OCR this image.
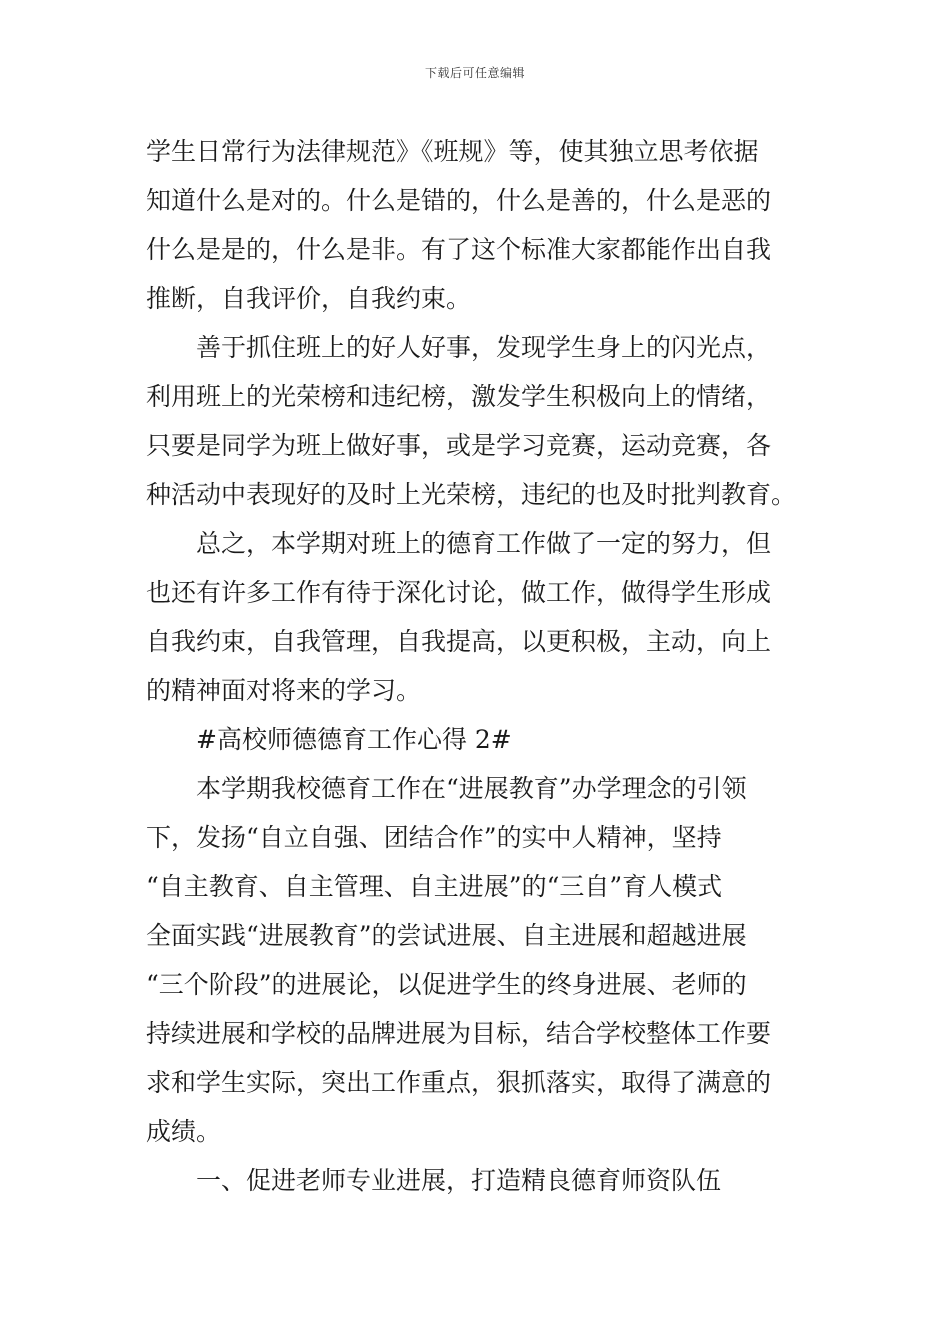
下载后可任意编辑
学生日常行为法律规范》《班规》等，使其独立思考依据
知道什么是对的。什么是错的，什么是善的，什么是恶的
什么是是的，什么是非。有了这个标准大家都能作出自我
推断，自我评价，自我约束。
善于抓住班上的好人好事，发现学生身上的闪光点，
利用班上的光荣榜和违纪榜，激发学生积极向上的情绪，
只要是同学为班上做好事，或是学习竞赛，运动竞赛，各
种活动中表现好的及时上光荣榜，违纪的也及时批判教育。
总之，本学期对班上的德育工作做了一定的努力，但
也还有许多工作有待于深化讨论，做工作，做得学生形成
自我约束，自我管理，自我提高，以更积极，主动，向上
的精神面对将来的学习。
#高校师德德育工作心得 2#
本学期我校德育工作在“进展教育”办学理念的引领
下，发扬“自立自强、团结合作”的实中人精神，坚持
“自主教育、自主管理、自主进展”的“三自”育人模式
全面实践“进展教育”的尝试进展、自主进展和超越进展
“三个阶段”的进展论，以促进学生的终身进展、老师的
持续进展和学校的品牌进展为目标，结合学校整体工作要
求和学生实际，突出工作重点，狠抓落实，取得了满意的
成绩。
一、促进老师专业进展，打造精良德育师资队伍
